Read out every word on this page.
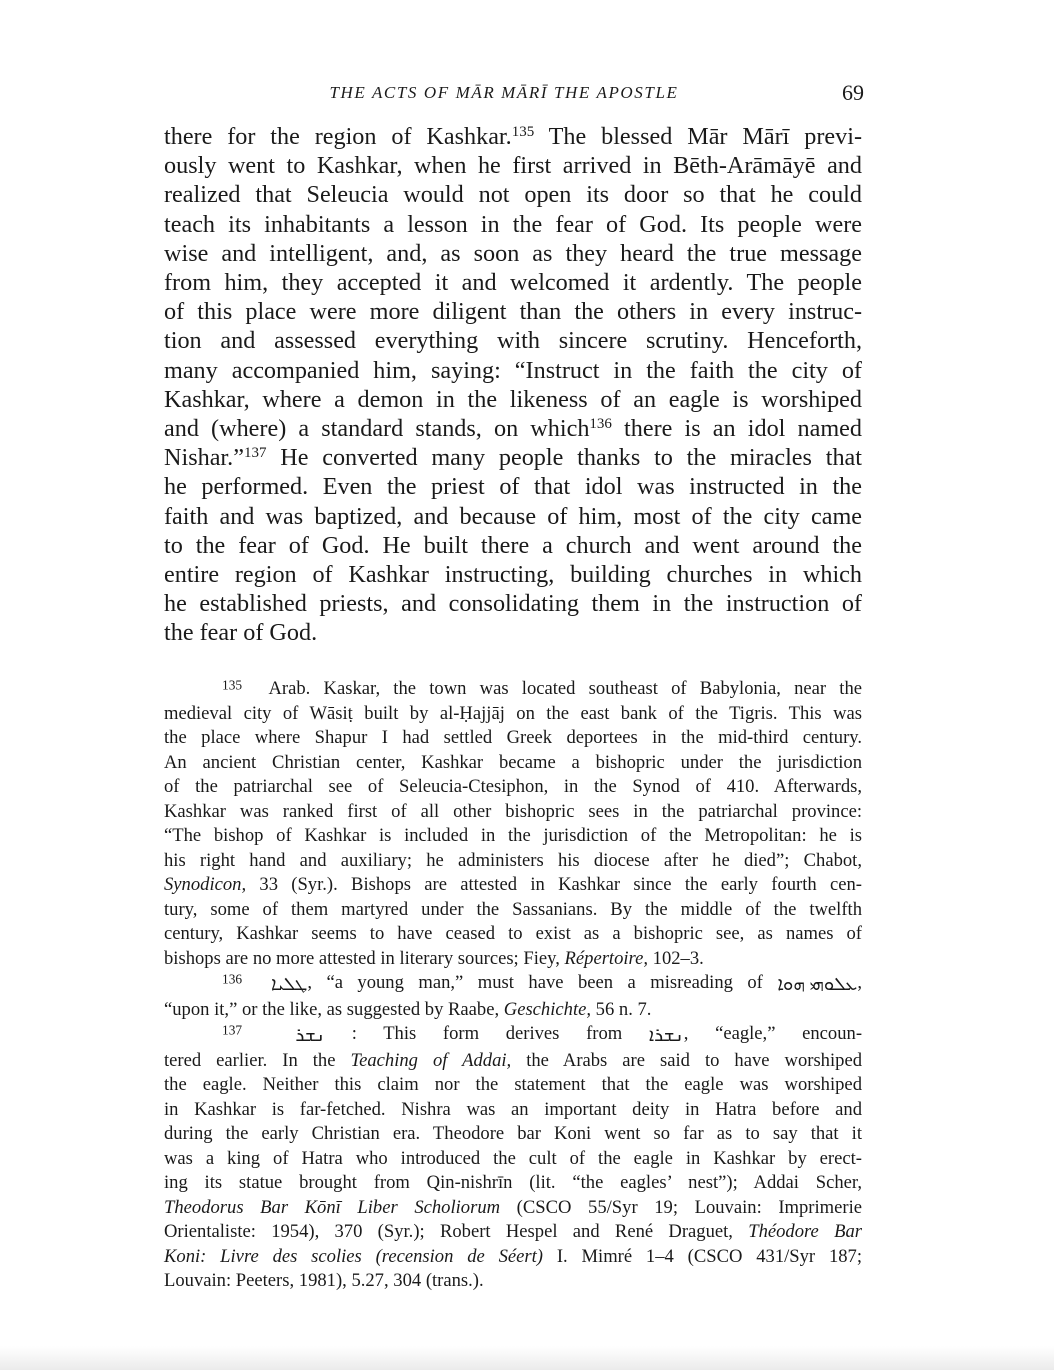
THE ACTS OF MĀR MĀRĪ THE APOSTLE	69
there for the region of Kashkar.$^{135}$ The blessed Mār Mārī previ-
ously went to Kashkar, when he first arrived in Bēth-Arāmāyē and
realized that Seleucia would not open its door so that he could
teach its inhabitants a lesson in the fear of God. Its people were
wise and intelligent, and, as soon as they heard the true message
from him, they accepted it and welcomed it ardently. The people
of this place were more diligent than the others in every instruc-
tion and assessed everything with sincere scrutiny. Henceforth,
many accompanied him, saying: “Instruct in the faith the city of
Kashkar, where a demon in the likeness of an eagle is worshiped
and (where) a standard stands, on which$^{136}$ there is an idol named
Nishar.”$^{137}$ He converted many people thanks to the miracles that
he performed. Even the priest of that idol was instructed in the
faith and was baptized, and because of him, most of the city came
to the fear of God. He built there a church and went around the
entire region of Kashkar instructing, building churches in which
he established priests, and consolidating them in the instruction of
the fear of God.
$^{135}$ Arab. Kaskar, the town was located southeast of Babylonia, near the
medieval city of Wāsiṭ built by al-Ḥajjāj on the east bank of the Tigris. This was
the place where Shapur I had settled Greek deportees in the mid-third century.
An ancient Christian center, Kashkar became a bishopric under the jurisdiction
of the patriarchal see of Seleucia-Ctesiphon, in the Synod of 410. Afterwards,
Kashkar was ranked first of all other bishopric sees in the patriarchal province:
“The bishop of Kashkar is included in the jurisdiction of the Metropolitan: he is
his right hand and auxiliary; he administers his diocese after he died”; Chabot,
Synodicon, 33 (Syr.). Bishops are attested in Kashkar since the early fourth cen-
tury, some of them martyred under the Sassanians. By the middle of the twelfth
century, Kashkar seems to have ceased to exist as a bishopric see, as names of
bishops are no more attested in literary sources; Fiey, Répertoire, 102–3.
$^{136}$ ܛܠܝܐ, “a young man,” must have been a misreading of ܥܠܘܗܝ ܗܘܐ,
“upon it,” or the like, as suggested by Raabe, Geschichte, 56 n. 7.
$^{137}$	ܢܫܪ : This form derives from ܢܫܪܐ, “eagle,” encoun-
tered earlier. In the Teaching of Addai, the Arabs are said to have worshiped
the eagle. Neither this claim nor the statement that the eagle was worshiped
in Kashkar is far-fetched. Nishra was an important deity in Hatra before and
during the early Christian era. Theodore bar Koni went so far as to say that it
was a king of Hatra who introduced the cult of the eagle in Kashkar by erect-
ing its statue brought from Qin-nishrīn (lit. “the eagles’ nest”); Addai Scher,
Theodorus Bar Kōnī Liber Scholiorum (CSCO 55/Syr 19; Louvain: Imprimerie
Orientaliste: 1954), 370 (Syr.); Robert Hespel and René Draguet, Théodore Bar
Koni: Livre des scolies (recension de Séert) I. Mimré 1–4 (CSCO 431/Syr 187;
Louvain: Peeters, 1981), 5.27, 304 (trans.).
